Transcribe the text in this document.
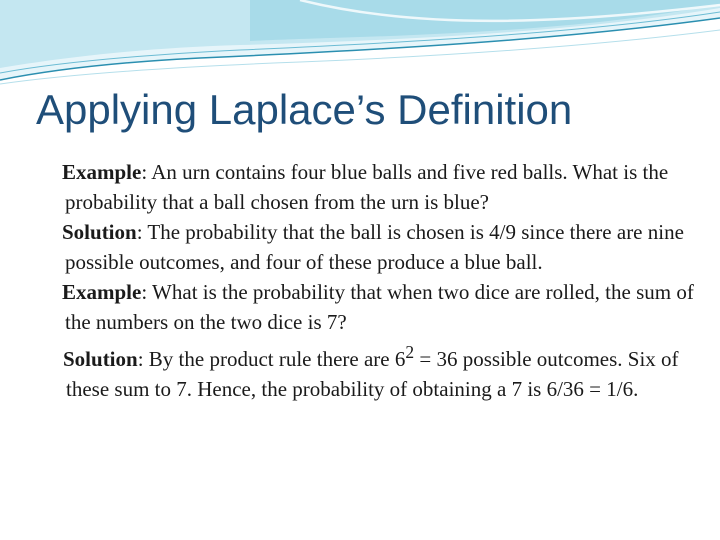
Applying Laplace’s Definition

Example: An urn contains four blue balls and five red balls. What is the probability that a ball chosen from the urn is blue?

Solution: The probability that the ball is chosen is 4/9 since there are nine possible outcomes, and four of these produce a blue ball.

Example: What is the probability that when two dice are rolled, the sum of the numbers on the two dice is 7?

Solution: By the product rule there are $6^2 = 36$ possible outcomes. Six of these sum to 7. Hence, the probability of obtaining a 7 is 6/36 = 1/6.
